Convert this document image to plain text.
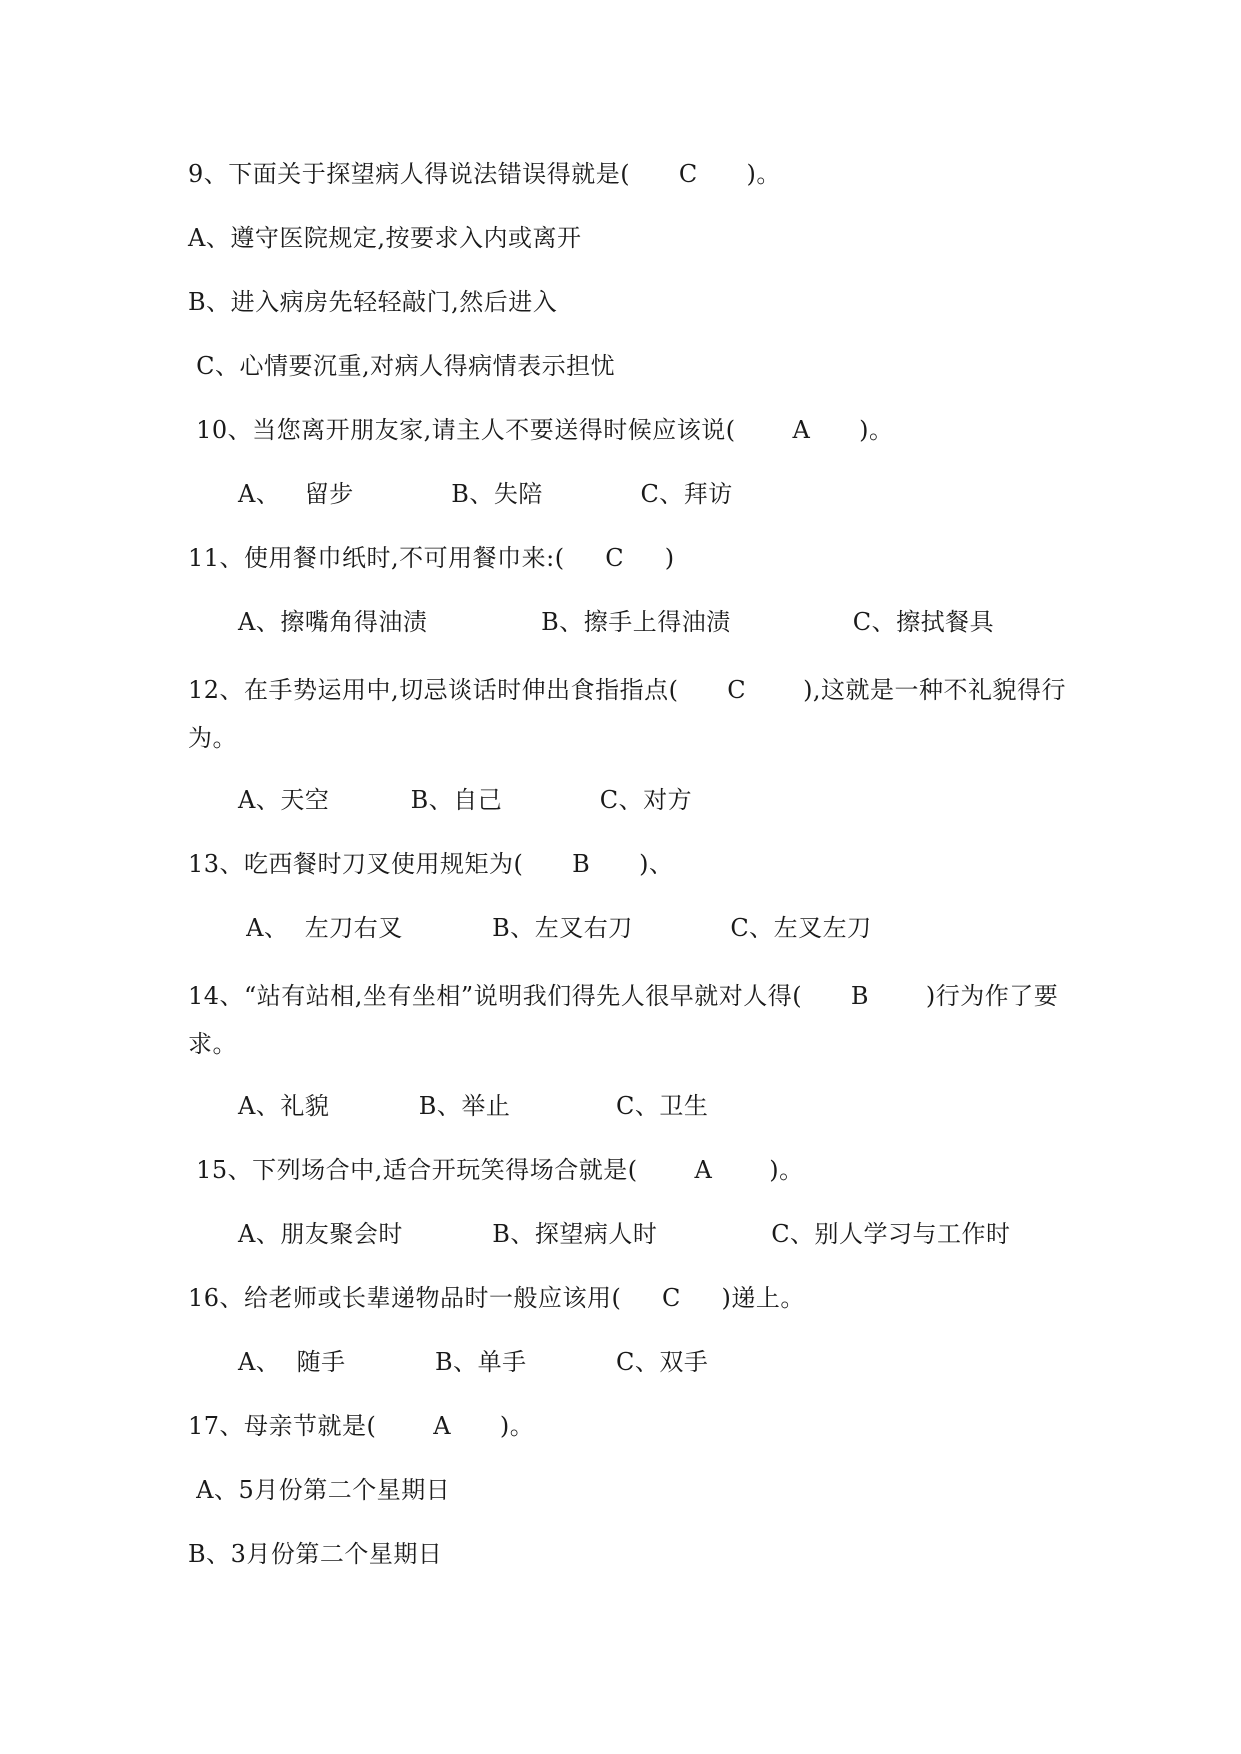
9、下面关于探望病人得说法错误得就是(      C      )。
A、遵守医院规定,按要求入内或离开
B、进入病房先轻轻敲门,然后进入
C、心情要沉重,对病人得病情表示担忧
10、当您离开朋友家,请主人不要送得时候应该说(       A      )。
A、   留步            B、失陪            C、拜访
11、使用餐巾纸时,不可用餐巾来:(     C     )
A、擦嘴角得油渍              B、擦手上得油渍               C、擦拭餐具
12、在手势运用中,切忌谈话时伸出食指指点(      C       ),这就是一种不礼貌得行为。
A、天空          B、自己            C、对方
13、吃西餐时刀叉使用规矩为(      B      )、
A、  左刀右叉           B、左叉右刀            C、左叉左刀
14、“站有站相,坐有坐相”说明我们得先人很早就对人得(      B       )行为作了要求。
A、礼貌           B、举止             C、卫生
15、下列场合中,适合开玩笑得场合就是(       A       )。
A、朋友聚会时           B、探望病人时              C、别人学习与工作时
16、给老师或长辈递物品时一般应该用(     C     )递上。
A、  随手           B、单手           C、双手
17、母亲节就是(       A      )。
A、5月份第二个星期日
B、3月份第二个星期日
